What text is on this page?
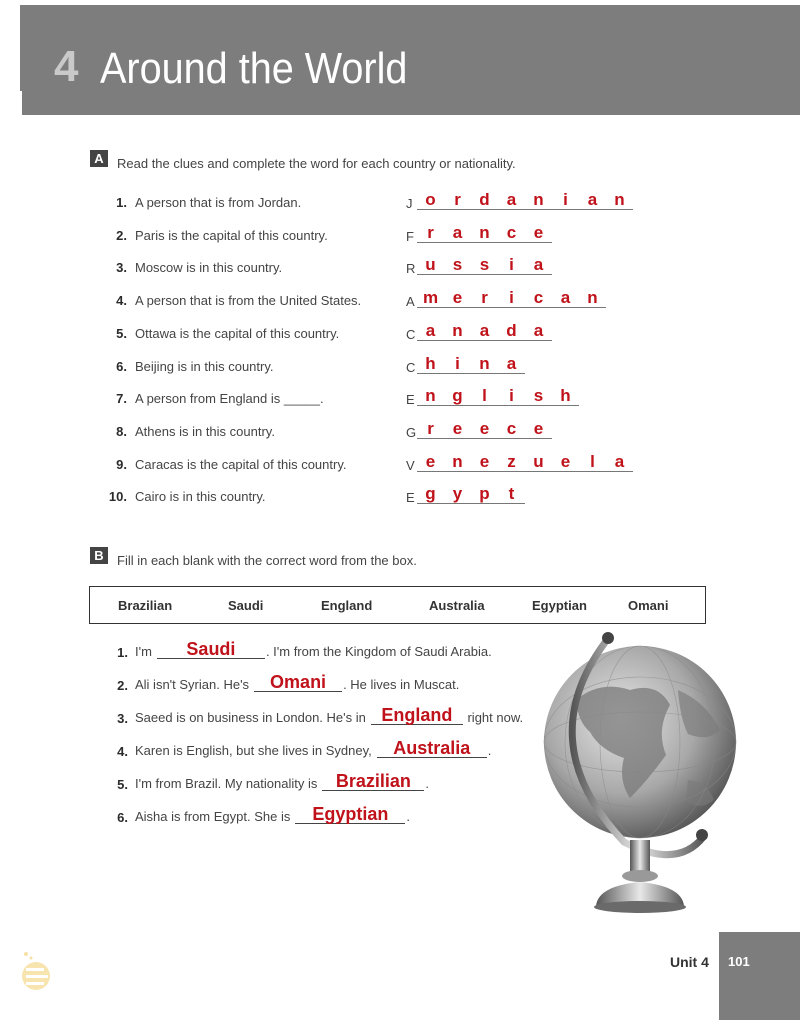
4 Around the World
A	Read the clues and complete the word for each country or nationality.
1. A person that is from Jordan.	J o	r	d	a	n	i	a	n
2. Paris is the capital of this country.	F r	a	n	c	e
3. Moscow is in this country.	R u	s	s	i	a
4. A person that is from the United States.	A m e	r	i	c	a	n
5. Ottawa is the capital of this country.	C a	n	a	d	a
6. Beijing is in this country.	C h	i	n	a
7. A person from England is _____.	E n g	l	i	s	h
8. Athens is in this country.	G r	e	e	c	e
9. Caracas is the capital of this country.	V e	n	e	z	u	e	l	a
10. Cairo is in this country.	E g	y	p	t
B	Fill in each blank with the correct word from the box.
Brazilian	Saudi	England	Australia	Egyptian	Omani
1. I'm	Saudi	. I'm from the Kingdom of Saudi Arabia.
2. Ali isn't Syrian. He's	Omani	. He lives in Muscat.
3. Saeed is on business in London. He's in England right now.
4. Karen is English, but she lives in Sydney,	Australia	.
5. I'm from Brazil. My nationality is	Brazilian	.
6. Aisha is from Egypt. She is	Egyptian	.
Unit 4 101
